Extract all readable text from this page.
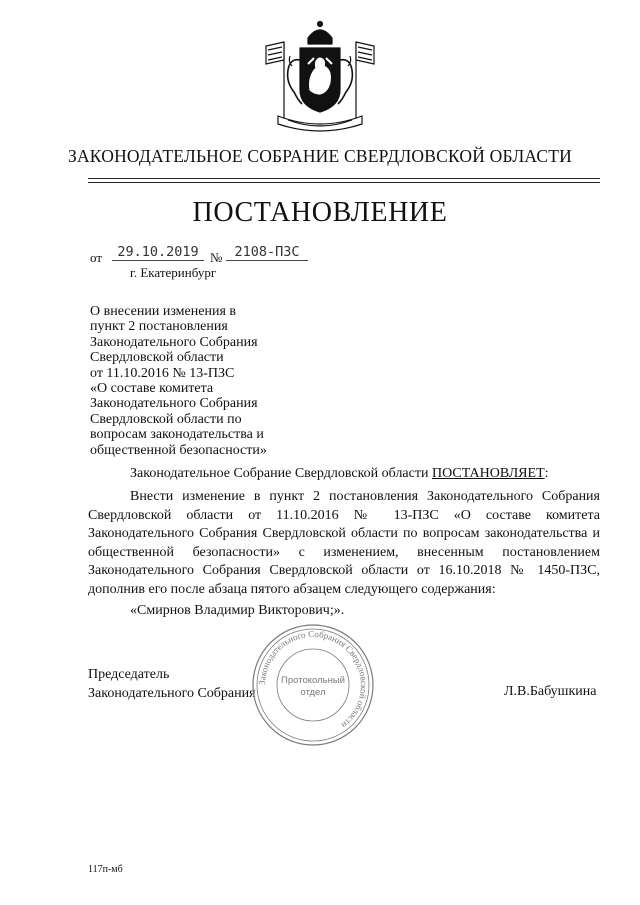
ЗАКОНОДАТЕЛЬНОЕ СОБРАНИЕ СВЕРДЛОВСКОЙ ОБЛАСТИ
ПОСТАНОВЛЕНИЕ
от	29.10.2019 № 2108-ПЗС
г. Екатеринбург
О внесении изменения в
пункт 2 постановления
Законодательного Собрания
Свердловской области
от 11.10.2016 № 13-ПЗС
«О составе комитета
Законодательного Собрания
Свердловской области по
вопросам законодательства и
общественной безопасности»

Законодательное Собрание Свердловской области ПОСТАНОВЛЯЕТ:

Внести изменение в пункт 2 постановления Законодательного Собрания Свердловской области от 11.10.2016 № 13-ПЗС «О составе комитета Законодательного Собрания Свердловской области по вопросам законодательства и общественной безопасности» с изменением, внесенным постановлением Законодательного Собрания Свердловской области от 16.10.2018 № 1450-ПЗС, дополнив его после абзаца пятого абзацем следующего содержания:

«Смирнов Владимир Викторович;».

Председатель
Законодательного Собрания	Л.В.Бабушкина
Законодательного Собрания Свердловской области
Протокольный
отдел
117п-мб
